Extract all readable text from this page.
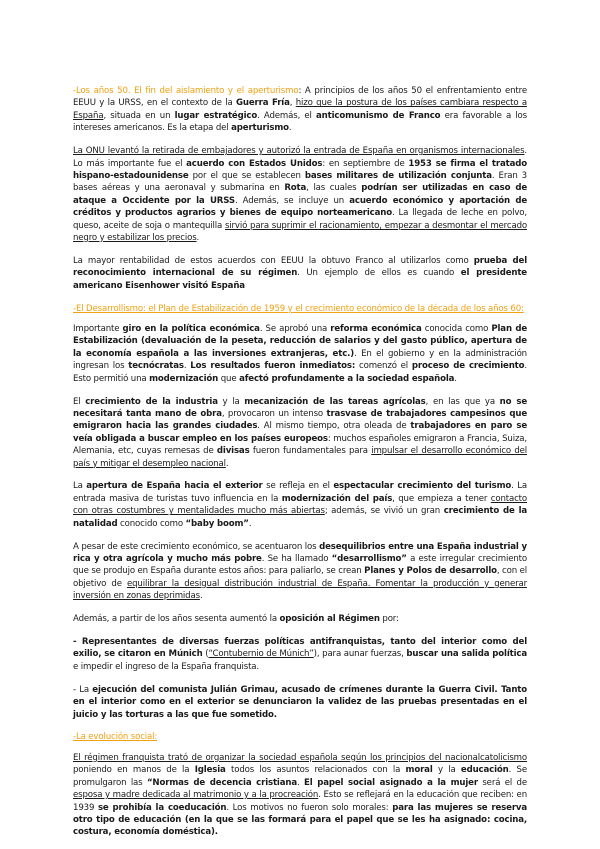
-Los años 50. El fin del aislamiento y el aperturismo: A principios de los años 50 el enfrentamiento entre EEUU y la URSS, en el contexto de la Guerra Fría, hizo que la postura de los países cambiara respecto a España, situada en un lugar estratégico. Además, el anticomunismo de Franco era favorable a los intereses americanos. Es la etapa del aperturismo.

La ONU levantó la retirada de embajadores y autorizó la entrada de España en organismos internacionales. Lo más importante fue el acuerdo con Estados Unidos: en septiembre de 1953 se firma el tratado hispano-estadounidense por el que se establecen bases militares de utilización conjunta. Eran 3 bases aéreas y una aeronaval y submarina en Rota, las cuales podrían ser utilizadas en caso de ataque a Occidente por la URSS. Además, se incluye un acuerdo económico y aportación de créditos y productos agrarios y bienes de equipo norteamericano. La llegada de leche en polvo, queso, aceite de soja o mantequilla sirvió para suprimir el racionamiento, empezar a desmontar el mercado negro y estabilizar los precios.

La mayor rentabilidad de estos acuerdos con EEUU la obtuvo Franco al utilizarlos como prueba del reconocimiento internacional de su régimen. Un ejemplo de ellos es cuando el presidente americano Eisenhower visitó España

-El Desarrollismo: el Plan de Estabilización de 1959 y el crecimiento económico de la década de los años 60:

Importante giro en la política económica. Se aprobó una reforma económica conocida como Plan de Estabilización (devaluación de la peseta, reducción de salarios y del gasto público, apertura de la economía española a las inversiones extranjeras, etc.). En el gobierno y en la administración ingresan los tecnócratas. Los resultados fueron inmediatos: comenzó el proceso de crecimiento. Esto permitió una modernización que afectó profundamente a la sociedad española.

El crecimiento de la industria y la mecanización de las tareas agrícolas, en las que ya no se necesitará tanta mano de obra, provocaron un intenso trasvase de trabajadores campesinos que emigraron hacia las grandes ciudades. Al mismo tiempo, otra oleada de trabajadores en paro se veía obligada a buscar empleo en los países europeos: muchos españoles emigraron a Francia, Suiza, Alemania, etc, cuyas remesas de divisas fueron fundamentales para impulsar el desarrollo económico del país y mitigar el desempleo nacional.

La apertura de España hacia el exterior se refleja en el espectacular crecimiento del turismo. La entrada masiva de turistas tuvo influencia en la modernización del país, que empieza a tener contacto con otras costumbres y mentalidades mucho más abiertas; además, se vivió un gran crecimiento de la natalidad conocido como “baby boom”.

A pesar de este crecimiento económico, se acentuaron los desequilibrios entre una España industrial y rica y otra agrícola y mucho más pobre. Se ha llamado “desarrollismo” a este irregular crecimiento que se produjo en España durante estos años: para paliarlo, se crean Planes y Polos de desarrollo, con el objetivo de equilibrar la desigual distribución industrial de España. Fomentar la producción y generar inversión en zonas deprimidas.

Además, a partir de los años sesenta aumentó la oposición al Régimen por:

- Representantes de diversas fuerzas políticas antifranquistas, tanto del interior como del exilio, se citaron en Múnich (“Contubernio de Múnich”), para aunar fuerzas, buscar una salida política e impedir el ingreso de la España franquista.

- La ejecución del comunista Julián Grimau, acusado de crímenes durante la Guerra Civil. Tanto en el interior como en el exterior se denunciaron la validez de las pruebas presentadas en el juicio y las torturas a las que fue sometido.

-La evolución social:

El régimen franquista trató de organizar la sociedad española según los principios del nacionalcatolicismo poniendo en manos de la Iglesia todos los asuntos relacionados con la moral y la educación. Se promulgaron las “Normas de decencia cristiana. El papel social asignado a la mujer será el de esposa y madre dedicada al matrimonio y a la procreación. Esto se reflejará en la educación que reciben: en 1939 se prohibía la coeducación. Los motivos no fueron solo morales: para las mujeres se reserva otro tipo de educación (en la que se las formará para el papel que se les ha asignado: cocina, costura, economía doméstica).
